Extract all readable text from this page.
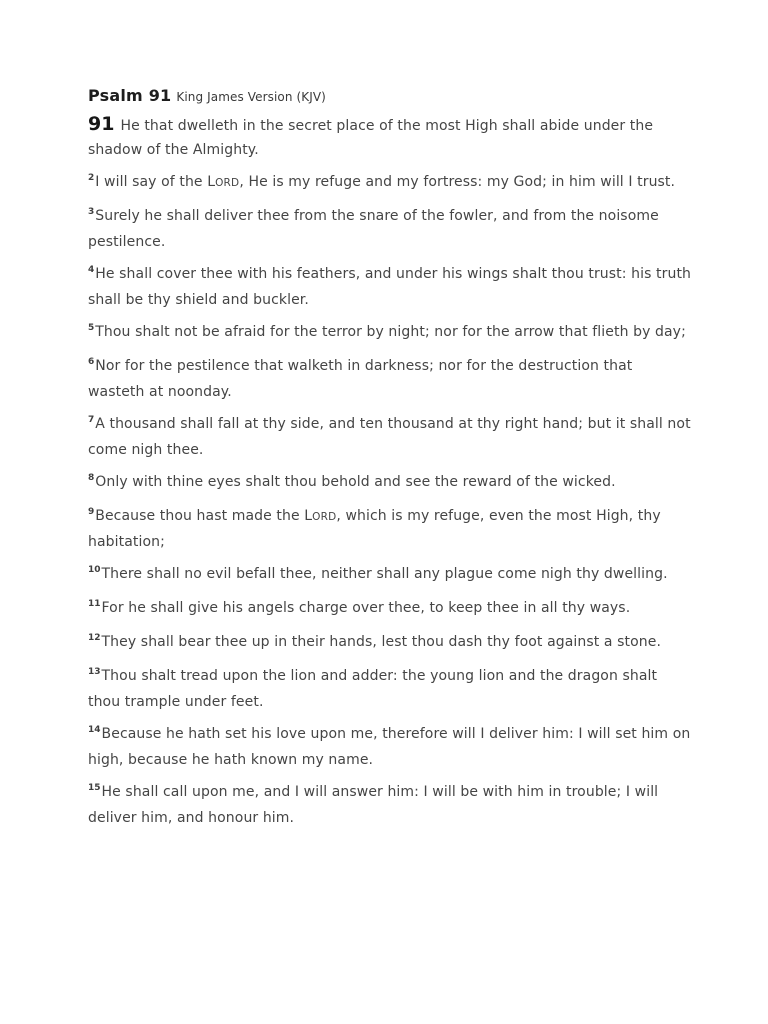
Psalm 91 King James Version (KJV)

91 He that dwelleth in the secret place of the most High shall abide under the shadow of the Almighty.

2I will say of the LORD, He is my refuge and my fortress: my God; in him will I trust.

3Surely he shall deliver thee from the snare of the fowler, and from the noisome pestilence.

4He shall cover thee with his feathers, and under his wings shalt thou trust: his truth shall be thy shield and buckler.

5Thou shalt not be afraid for the terror by night; nor for the arrow that flieth by day;

6Nor for the pestilence that walketh in darkness; nor for the destruction that wasteth at noonday.

7A thousand shall fall at thy side, and ten thousand at thy right hand; but it shall not come nigh thee.

8Only with thine eyes shalt thou behold and see the reward of the wicked.

9Because thou hast made the LORD, which is my refuge, even the most High, thy habitation;

10There shall no evil befall thee, neither shall any plague come nigh thy dwelling.

11For he shall give his angels charge over thee, to keep thee in all thy ways.

12They shall bear thee up in their hands, lest thou dash thy foot against a stone.

13Thou shalt tread upon the lion and adder: the young lion and the dragon shalt thou trample under feet.

14Because he hath set his love upon me, therefore will I deliver him: I will set him on high, because he hath known my name.

15He shall call upon me, and I will answer him: I will be with him in trouble; I will deliver him, and honour him.
